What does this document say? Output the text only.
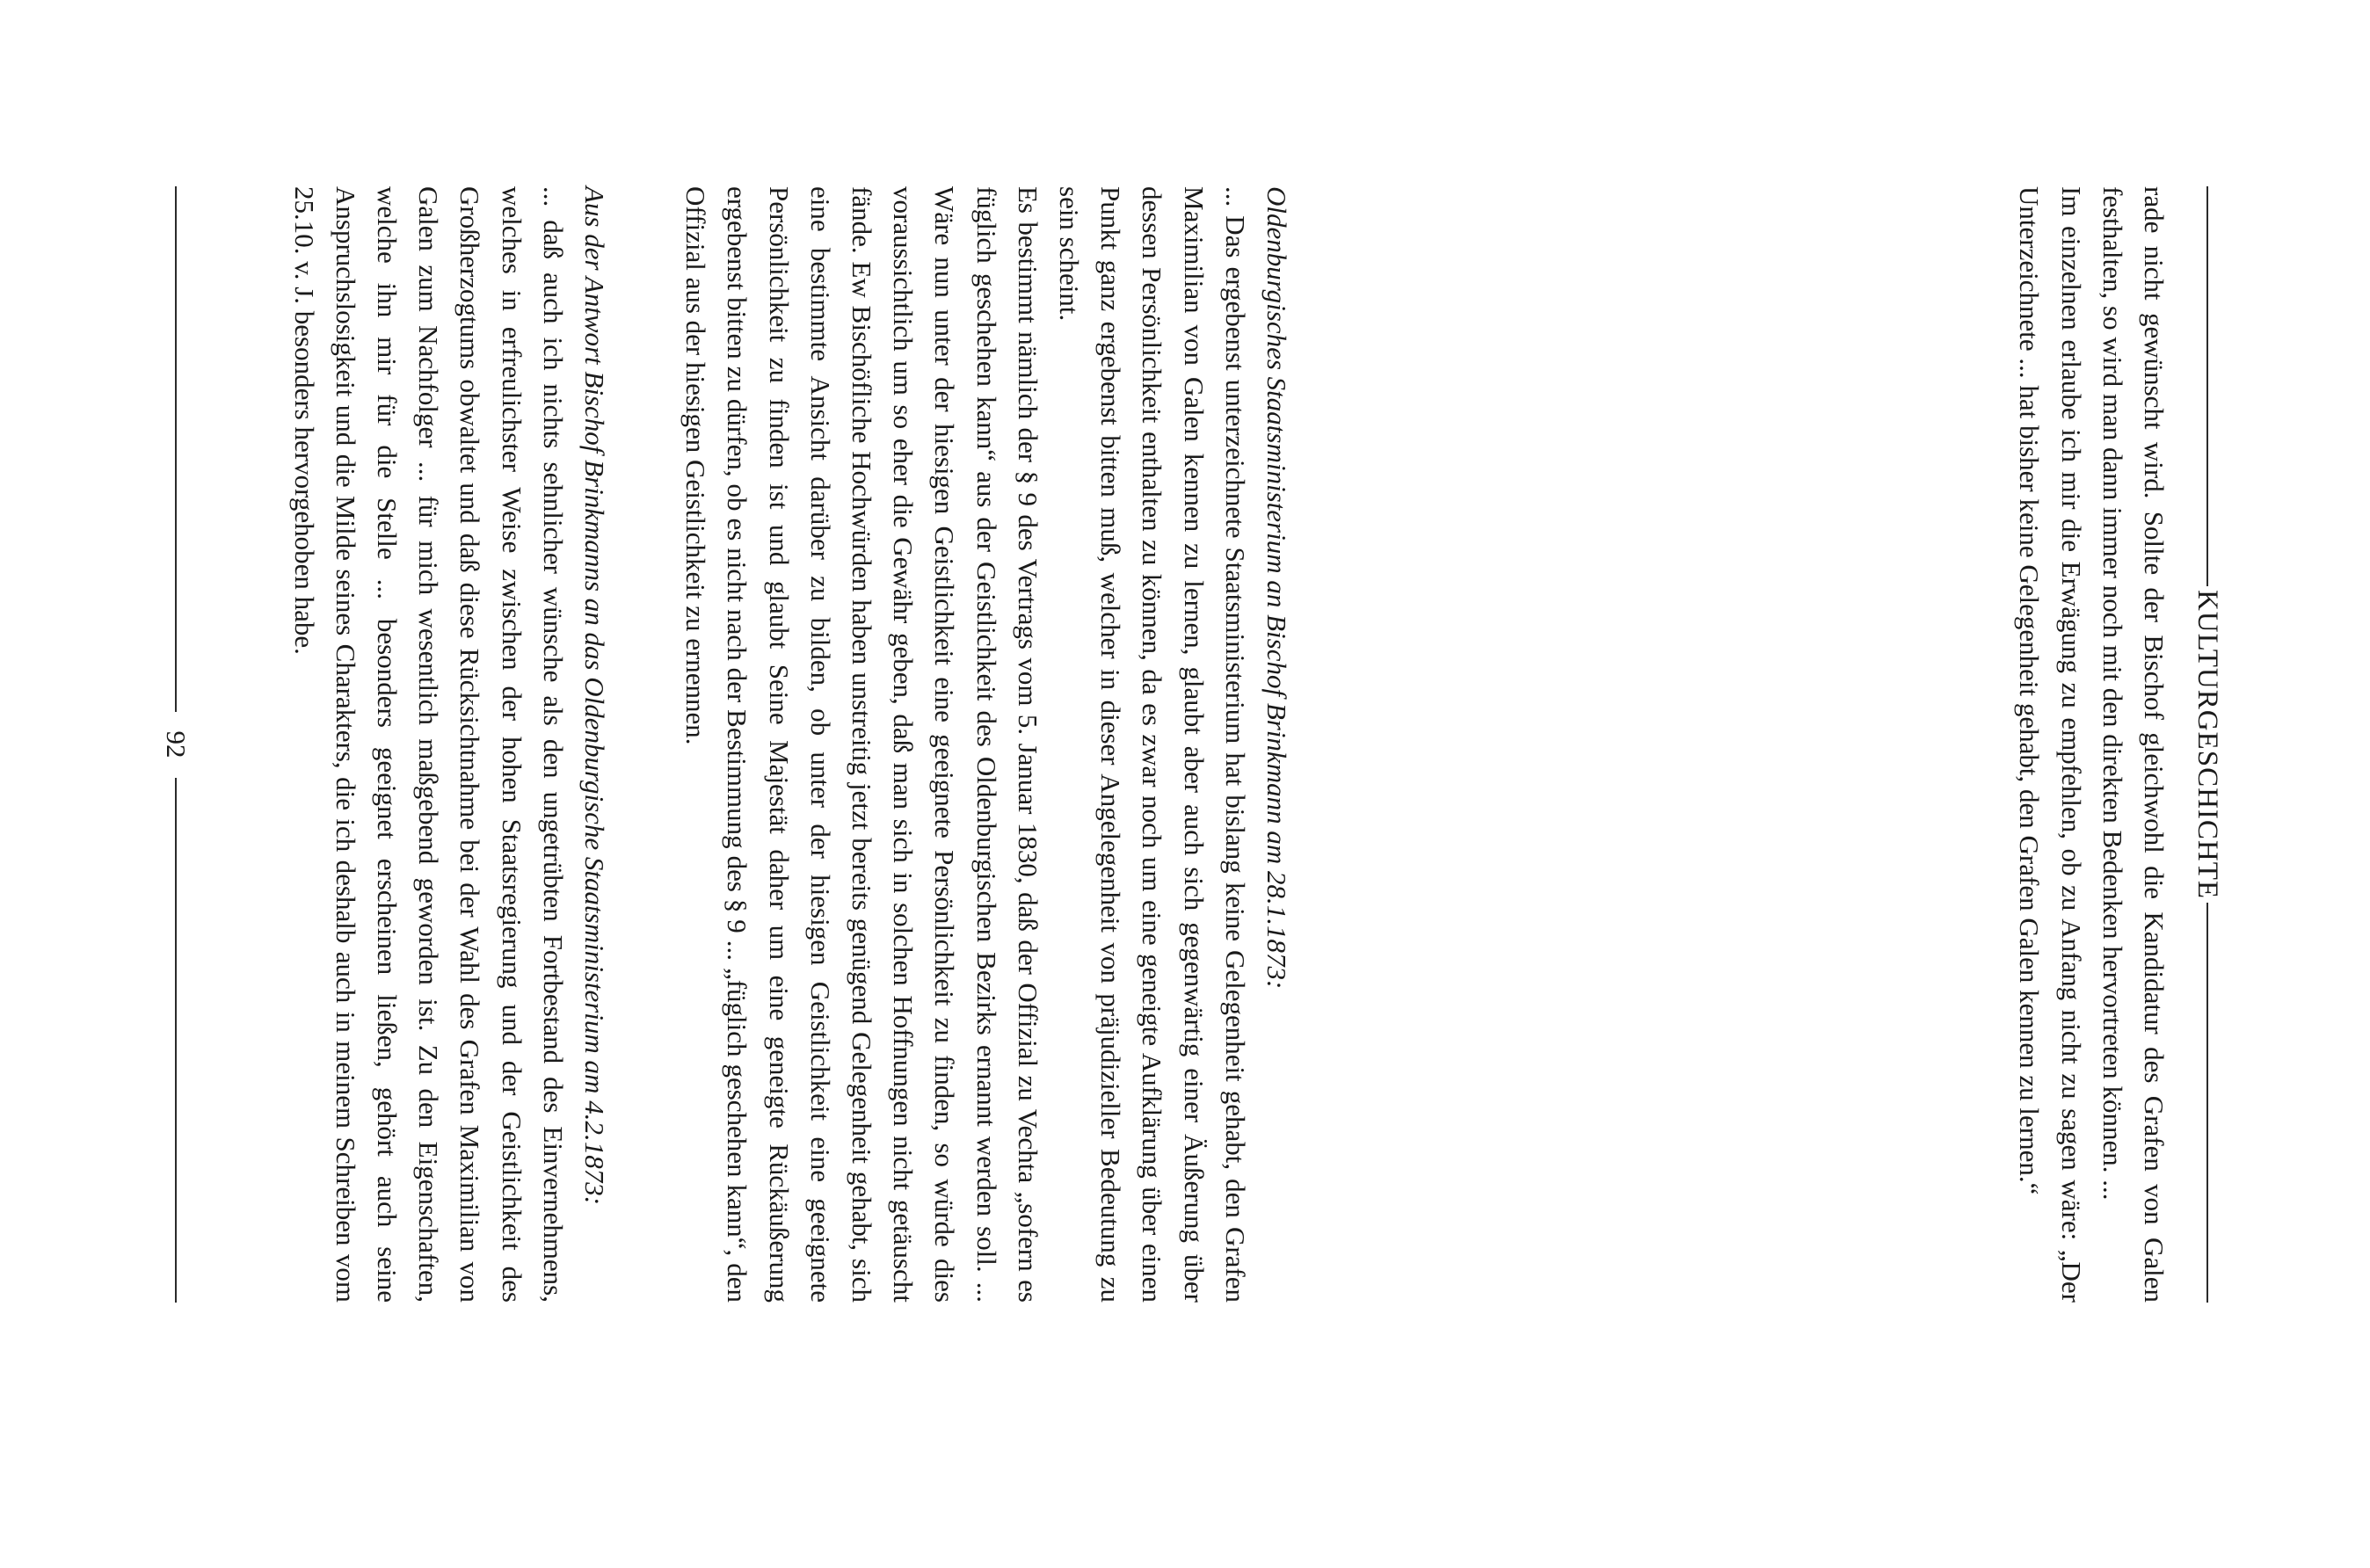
KULTURGESCHICHTE

rade nicht gewünscht wird. Sollte der Bischof gleichwohl die Kandidatur des Grafen von Galen festhalten, so wird man dann immer noch mit den direkten Bedenken hervortreten können. ...

Im einzelnen erlaube ich mir die Erwägung zu empfehlen, ob zu Anfang nicht zu sagen wäre: „Der Unterzeichnete ... hat bisher keine Gelegenheit gehabt, den Grafen Galen kennen zu lernen.“

Oldenburgisches Staatsministerium an Bischof Brinkmann am 28.1.1873:

... Das ergebenst unterzeichnete Staatsministerium hat bislang keine Gelegenheit gehabt, den Grafen Maximilian von Galen kennen zu lernen, glaubt aber auch sich gegenwärtig einer Äußerung über dessen Persönlichkeit enthalten zu können, da es zwar noch um eine geneigte Aufklärung über einen Punkt ganz ergebenst bitten muß, welcher in dieser Angelegenheit von präjudizieller Bedeutung zu sein scheint.

Es bestimmt nämlich der § 9 des Vertrags vom 5. Januar 1830, daß der Offizial zu Vechta „sofern es füglich geschehen kann“ aus der Geistlichkeit des Oldenburgischen Bezirks ernannt werden soll. ... Wäre nun unter der hiesigen Geistlichkeit eine geeignete Persönlichkeit zu finden, so würde dies voraussichtlich um so eher die Gewähr geben, daß man sich in solchen Hoffnungen nicht getäuscht fände. Ew Bischöfliche Hochwürden haben unstreitig jetzt bereits genügend Gelegenheit gehabt, sich eine bestimmte Ansicht darüber zu bilden, ob unter der hiesigen Geistlichkeit eine geeignete Persönlichkeit zu finden ist und glaubt Seine Majestät daher um eine geneigte Rückäußerung ergebenst bitten zu dürfen, ob es nicht nach der Bestimmung des § 9 ... „füglich geschehen kann“, den Offizial aus der hiesigen Geistlichkeit zu ernennen.

Aus der Antwort Bischof Brinkmanns an das Oldenburgische Staatsministerium am 4.2.1873:

... daß auch ich nichts sehnlicher wünsche als den ungetrübten Fortbestand des Einvernehmens, welches in erfreulichster Weise zwischen der hohen Staatsregierung und der Geistlichkeit des Großherzogtums obwaltet und daß diese Rücksichtnahme bei der Wahl des Grafen Maximilian von Galen zum Nachfolger ... für mich wesentlich maßgebend geworden ist. Zu den Eigenschaften, welche ihn mir für die Stelle ... besonders geeignet erscheinen ließen, gehört auch seine Anspruchslosigkeit und die Milde seines Charakters, die ich deshalb auch in meinem Schreiben vom 25.10. v. J. besonders hervorgehoben habe.

92
